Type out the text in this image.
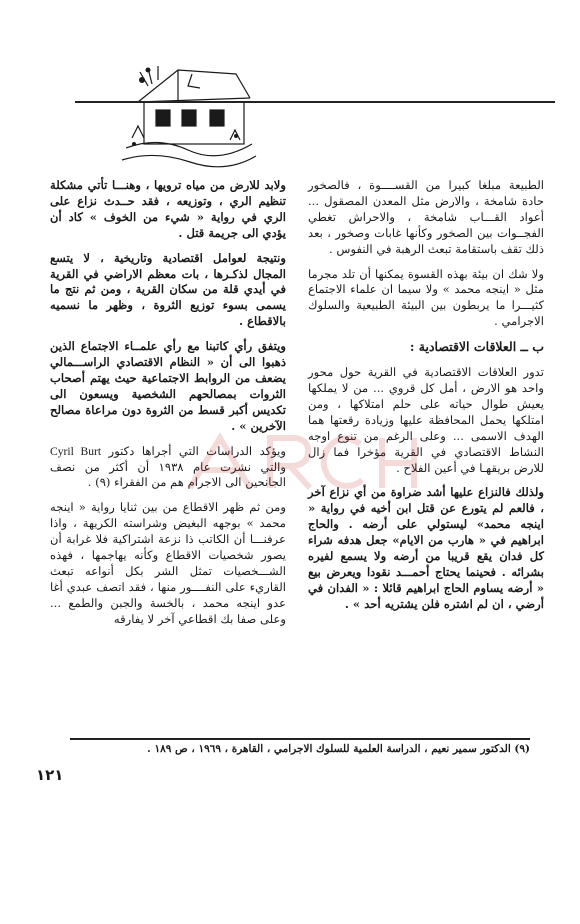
الطبيعة مبلغا كبيرا من القســــوة ، فالصخور حادة شامخة ، والارض مثل المعدن المصقول ... أعواد القـــاب شامخة ، والاحراش تغطي الفجــوات بين الصخور وكأنها غابات وصخور ، بعد ذلك تقف باستقامة تبعث الرهبة في النفوس .

ولا شك ان بيئة بهذه القسوة يمكنها أن تلد مجرما مثل « اينجه محمد » ولا سيما ان علماء الاجتماع كثيـــرا ما يربطون بين البيئة الطبيعية والسلوك الاجرامي .

ب ــ العلاقات الاقتصادية :

تدور العلاقات الاقتصادية في القرية حول محور واحد هو الارض ، أمل كل قروي ... من لا يملكها يعيش طوال حياته على حلم امتلاكها ، ومن امتلكها يحمل المحافظة عليها وزيادة رقعتها هما الهدف الاسمى ... وعلى الرغم من تنوع اوجه النشاط الاقتصادي في القرية مؤخرا فما زال للارض بريقهـا في أعين الفلاح .

ولذلك فالنزاع عليها أشد ضراوة من أي نزاع آخر ، فالعم لم يتورع عن قتل ابن أخيه في رواية « اينجه محمد» ليستولي على أرضه . والحاج ابراهيم في « هارب من الايام» جعل هدفه شراء كل فدان يقع قريبا من أرضه ولا يسمع لفيره بشرائه . فحينما يحتاج أحمـــد نقودا ويعرض بيع « أرضه يساوم الحاج ابراهيم قائلا : « الفدان في أرضي ، ان لم اشتره فلن يشتريه أحد » .

ولابد للارض من مياه ترويها ، وهنـــا تأتي مشكلة تنظيم الري ، وتوزيعه ، فقد حــدث نزاع على الري في رواية « شيء من الخوف » كاد أن يؤدي الى جريمة قتل .

ونتيجة لعوامل اقتصادية وتاريخية ، لا يتسع المجال لذكـرها ، بات معظم الاراضي في القرية في أيدي قلة من سكان القرية ، ومن ثم نتج ما يسمى بسوء توزيع الثروة ، وظهر ما نسميه بالاقطاع .

ويتفق رأي كاتبنا مع رأي علمــاء الاجتماع الذين ذهبوا الى أن « النظام الاقتصادي الراســـمالي يضعف من الروابط الاجتماعية حيث يهتم أصحاب الثروات بمصالحهم الشخصية ويسعون الى تكديس أكبر قسط من الثروة دون مراعاة مصالح الآخرين » .

ويؤكد الدراسات التي أجراها دكتور Cyril Burt والتي نشرت عام ١٩٣٨ أن أكثر من نصف الجانحين الى الاجرام هم من الفقراء (٩) .

ومن ثم ظهر الاقطاع من بين ثنايا رواية « اينجه محمد » بوجهه البغيض وشراسته الكريهة ، واذا عرفنـــا أن الكاتب ذا نزعة اشتراكية فلا غرابة أن يصور شخصيات الاقطاع وكأنه يهاجمها ، فهذه الشـــخصيات تمثل الشر بكل أنواعه تبعث القاريء على النفــــور منها ، فقد اتصف عبدي أغا عدو اينجه محمد ، بالخسة والجبن والطمع ... وعلى صفا بك اقطاعي آخر لا يفارقه

(٩) الدكتور سمير نعيم ، الدراسة العلمية للسلوك الاجرامي ، القاهرة ، ١٩٦٩ ، ص ١٨٩ .
١٢١
